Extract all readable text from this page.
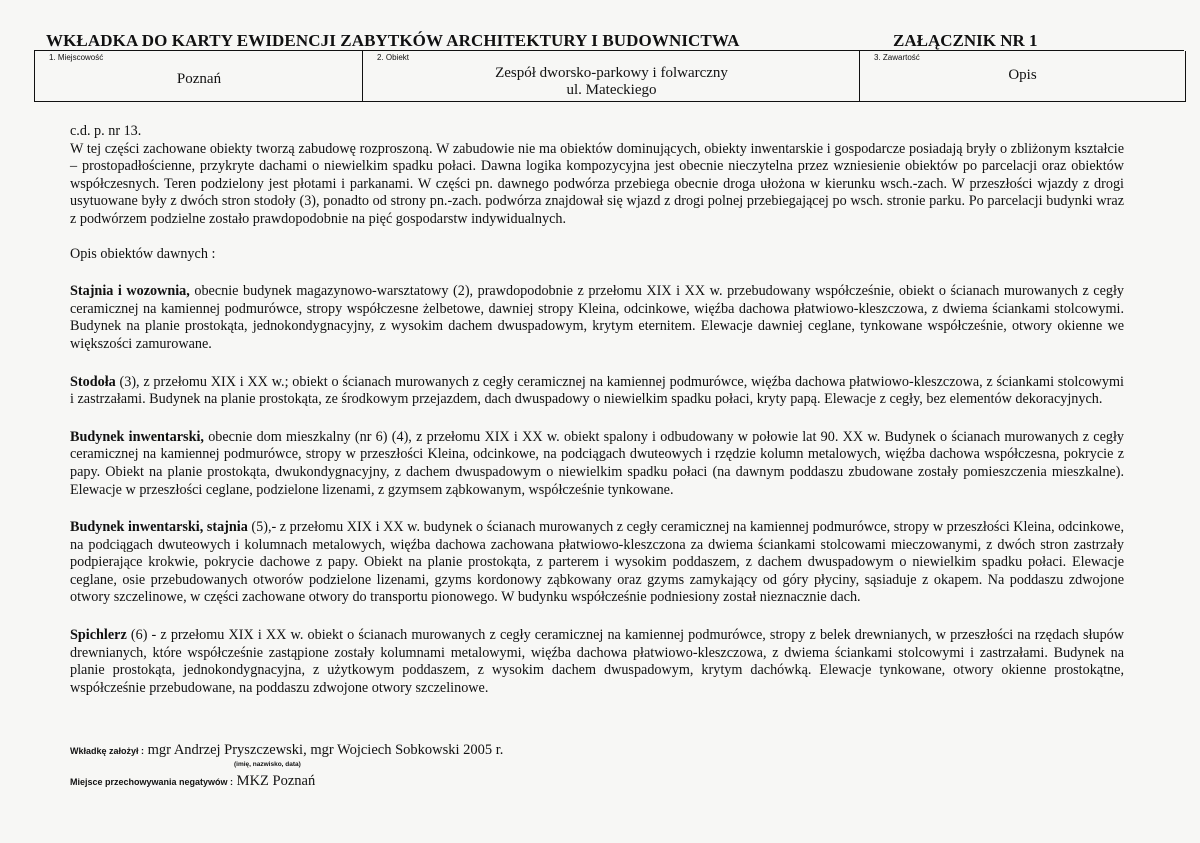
WKŁADKA DO KARTY EWIDENCJI ZABYTKÓW ARCHITEKTURY I BUDOWNICTWA	ZAŁĄCZNIK NR 1
1. Miejscowość
Poznań
2. Obiekt
Zespół dworsko-parkowy i folwarczny
ul. Mateckiego
3. Zawartość
Opis

c.d. p. nr 13.
W tej części zachowane obiekty tworzą zabudowę rozproszoną. W zabudowie nie ma obiektów dominujących, obiekty inwentarskie i gospodarcze posiadają bryły o zbliżonym kształcie – prostopadłościenne, przykryte dachami o niewielkim spadku połaci. Dawna logika kompozycyjna jest obecnie nieczytelna przez wzniesienie obiektów po parcelacji oraz obiektów współczesnych. Teren podzielony jest płotami i parkanami. W części pn. dawnego podwórza przebiega obecnie droga ułożona w kierunku wsch.-zach. W przeszłości wjazdy z drogi usytuowane były z dwóch stron stodoły (3), ponadto od strony pn.-zach. podwórza znajdował się wjazd z drogi polnej przebiegającej po wsch. stronie parku. Po parcelacji budynki wraz z podwórzem podzielne zostało prawdopodobnie na pięć gospodarstw indywidualnych.

Opis obiektów dawnych :

Stajnia i wozownia, obecnie budynek magazynowo-warsztatowy (2), prawdopodobnie z przełomu XIX i XX w. przebudowany współcześnie, obiekt o ścianach murowanych z cegły ceramicznej na kamiennej podmurówce, stropy współczesne żelbetowe, dawniej stropy Kleina, odcinkowe, więźba dachowa płatwiowo-kleszczowa, z dwiema ściankami stolcowymi. Budynek na planie prostokąta, jednokondygnacyjny, z wysokim dachem dwuspadowym, krytym eternitem. Elewacje dawniej ceglane, tynkowane współcześnie, otwory okienne we większości zamurowane.

Stodoła (3), z przełomu XIX i XX w.; obiekt o ścianach murowanych z cegły ceramicznej na kamiennej podmurówce, więźba dachowa płatwiowo-kleszczowa, z ściankami stolcowymi i zastrzałami. Budynek na planie prostokąta, ze środkowym przejazdem, dach dwuspadowy o niewielkim spadku połaci, kryty papą. Elewacje z cegły, bez elementów dekoracyjnych.

Budynek inwentarski, obecnie dom mieszkalny (nr 6) (4), z przełomu XIX i XX w. obiekt spalony i odbudowany w połowie lat 90. XX w. Budynek o ścianach murowanych z cegły ceramicznej na kamiennej podmurówce, stropy w przeszłości Kleina, odcinkowe, na podciągach dwuteowych i rzędzie kolumn metalowych, więźba dachowa współczesna, pokrycie z papy. Obiekt na planie prostokąta, dwukondygnacyjny, z dachem dwuspadowym o niewielkim spadku połaci (na dawnym poddaszu zbudowane zostały pomieszczenia mieszkalne). Elewacje w przeszłości ceglane, podzielone lizenami, z gzymsem ząbkowanym, współcześnie tynkowane.

Budynek inwentarski, stajnia (5),- z przełomu XIX i XX w. budynek o ścianach murowanych z cegły ceramicznej na kamiennej podmurówce, stropy w przeszłości Kleina, odcinkowe, na podciągach dwuteowych i kolumnach metalowych, więźba dachowa zachowana płatwiowo-kleszczona za dwiema ściankami stolcowami mieczowanymi, z dwóch stron zastrzały podpierające krokwie, pokrycie dachowe z papy. Obiekt na planie prostokąta, z parterem i wysokim poddaszem, z dachem dwuspadowym o niewielkim spadku połaci. Elewacje ceglane, osie przebudowanych otworów podzielone lizenami, gzyms kordonowy ząbkowany oraz gzyms zamykający od góry płyciny, sąsiaduje z okapem. Na poddaszu zdwojone otwory szczelinowe, w części zachowane otwory do transportu pionowego. W budynku współcześnie podniesiony został nieznacznie dach.

Spichlerz (6) - z przełomu XIX i XX w. obiekt o ścianach murowanych z cegły ceramicznej na kamiennej podmurówce, stropy z belek drewnianych, w przeszłości na rzędach słupów drewnianych, które współcześnie zastąpione zostały kolumnami metalowymi, więźba dachowa płatwiowo-kleszczowa, z dwiema ściankami stolcowymi i zastrzałami. Budynek na planie prostokąta, jednokondygnacyjna, z użytkowym poddaszem, z wysokim dachem dwuspadowym, krytym dachówką. Elewacje tynkowane, otwory okienne prostokątne, współcześnie przebudowane, na poddaszu zdwojone otwory szczelinowe.

Wkładkę założył : mgr Andrzej Pryszczewski, mgr Wojciech Sobkowski 2005 r.
(imię, nazwisko, data)
Miejsce przechowywania negatywów : MKZ Poznań
